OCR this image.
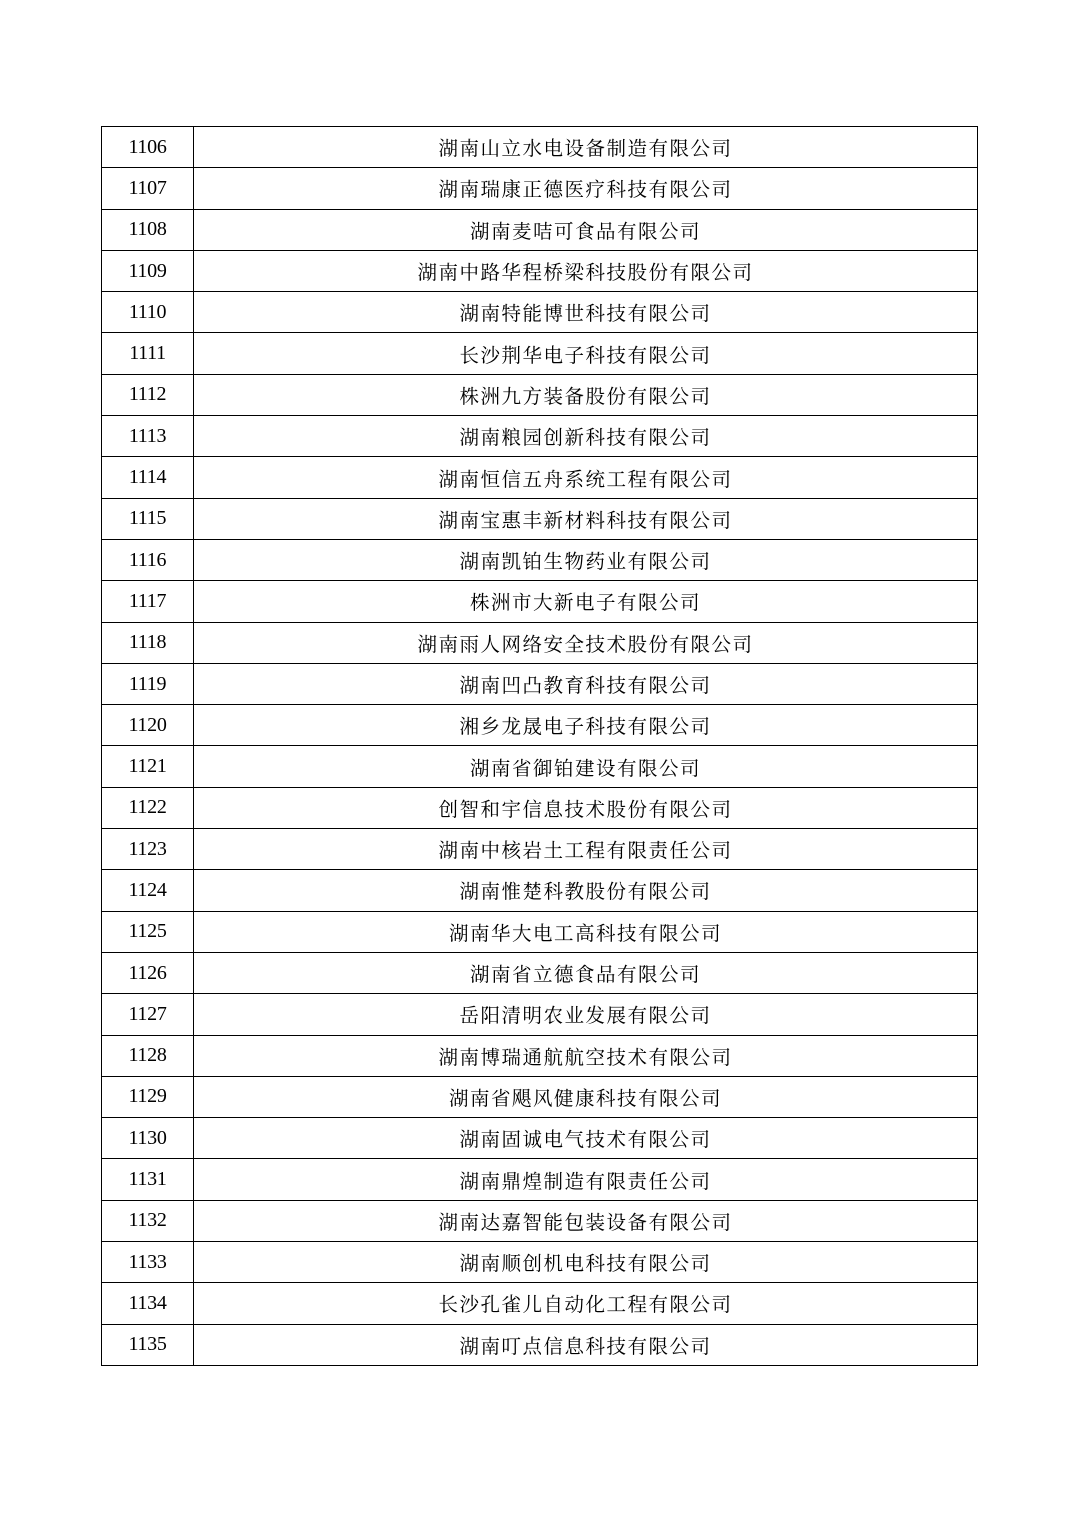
1106	湖南山立水电设备制造有限公司
1107	湖南瑞康正德医疗科技有限公司
1108	湖南麦咭可食品有限公司
1109	湖南中路华程桥梁科技股份有限公司
1110	湖南特能博世科技有限公司
1111	长沙荆华电子科技有限公司
1112	株洲九方装备股份有限公司
1113	湖南粮园创新科技有限公司
1114	湖南恒信五舟系统工程有限公司
1115	湖南宝惠丰新材料科技有限公司
1116	湖南凯铂生物药业有限公司
1117	株洲市大新电子有限公司
1118	湖南雨人网络安全技术股份有限公司
1119	湖南凹凸教育科技有限公司
1120	湘乡龙晟电子科技有限公司
1121	湖南省御铂建设有限公司
1122	创智和宇信息技术股份有限公司
1123	湖南中核岩土工程有限责任公司
1124	湖南惟楚科教股份有限公司
1125	湖南华大电工高科技有限公司
1126	湖南省立德食品有限公司
1127	岳阳清明农业发展有限公司
1128	湖南博瑞通航航空技术有限公司
1129	湖南省飓风健康科技有限公司
1130	湖南固诚电气技术有限公司
1131	湖南鼎煌制造有限责任公司
1132	湖南达嘉智能包装设备有限公司
1133	湖南顺创机电科技有限公司
1134	长沙孔雀儿自动化工程有限公司
1135	湖南叮点信息科技有限公司
